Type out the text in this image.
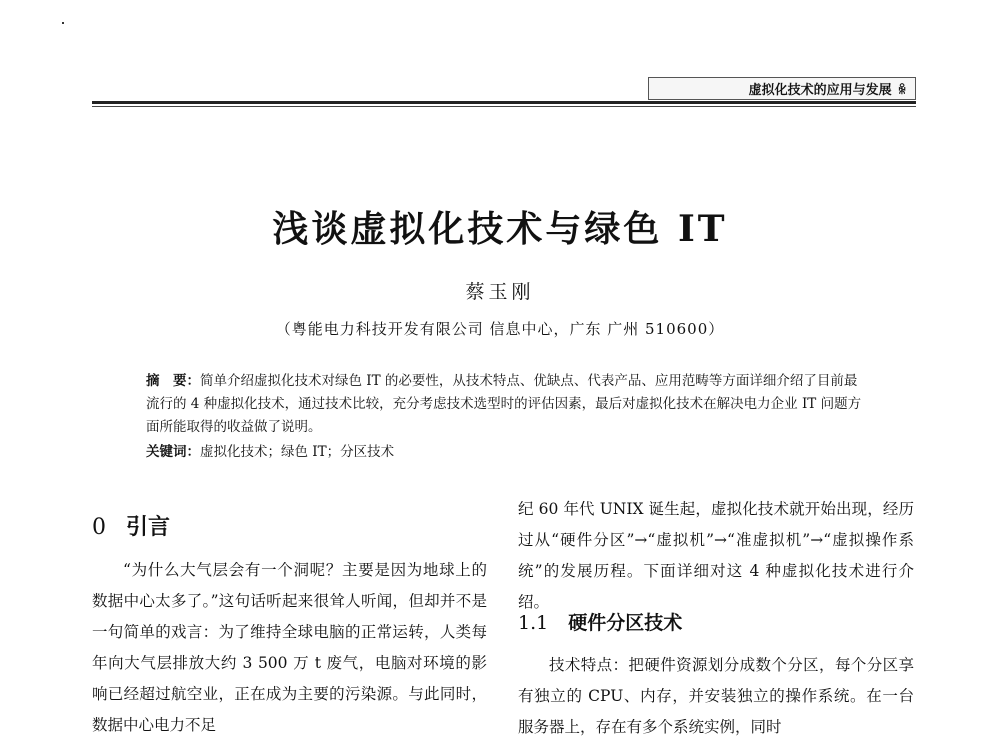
虚拟化技术的应用与发展 ꆜ
浅谈虚拟化技术与绿色 IT
蔡玉刚
（粤能电力科技开发有限公司 信息中心，广东 广州 510600）
摘　要：简单介绍虚拟化技术对绿色 IT 的必要性，从技术特点、优缺点、代表产品、应用范畴等方面详细介绍了目前最流行的 4 种虚拟化技术，通过技术比较，充分考虑技术选型时的评估因素，最后对虚拟化技术在解决电力企业 IT 问题方面所能取得的收益做了说明。
关键词：虚拟化技术；绿色 IT；分区技术
0 引言

“为什么大气层会有一个洞呢？主要是因为地球上的数据中心太多了。”这句话听起来很耸人听闻，但却并不是一句简单的戏言：为了维持全球电脑的正常运转，人类每年向大气层排放大约 3 500 万 t 废气，电脑对环境的影响已经超过航空业，正在成为主要的污染源。与此同时，数据中心电力不足

纪 60 年代 UNIX 诞生起，虚拟化技术就开始出现，经历过从“硬件分区”→“虚拟机”→“准虚拟机”→“虚拟操作系统”的发展历程。下面详细对这 4 种虚拟化技术进行介绍。

1.1 硬件分区技术

技术特点：把硬件资源划分成数个分区，每个分区享有独立的 CPU、内存，并安装独立的操作系统。在一台服务器上，存在有多个系统实例，同时
